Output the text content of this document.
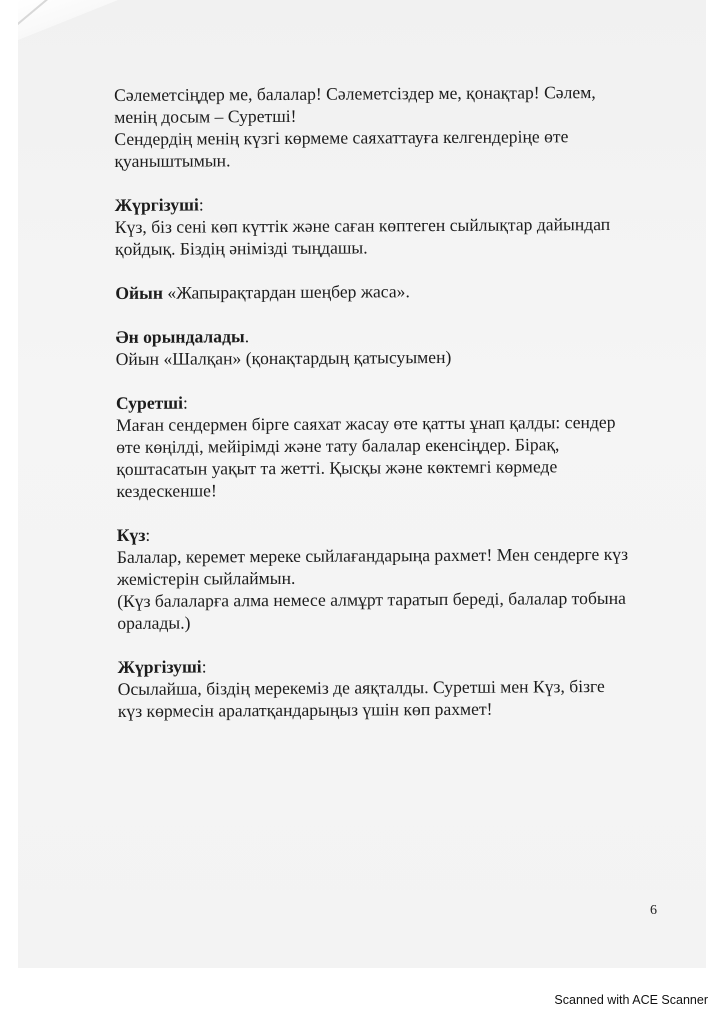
Сәлеметсіңдер ме, балалар! Сәлеметсіздер ме, қонақтар! Сәлем,
менің досым – Суретші!
Сендердің менің күзгі көрмеме саяхаттауға келгендеріңе өте
қуаныштымын.
Жүргізуші:
Күз, біз сені көп күттік және саған көптеген сыйлықтар дайындап
қойдық. Біздің әнімізді тыңдашы.
Ойын «Жапырақтардан шеңбер жаса».
Ән орындалады.
Ойын «Шалқан» (қонақтардың қатысуымен)
Суретші:
Маған сендермен бірге саяхат жасау өте қатты ұнап қалды: сендер
өте көңілді, мейірімді және тату балалар екенсіңдер. Бірақ,
қоштасатын уақыт та жетті. Қысқы және көктемгі көрмеде
кездескенше!
Күз:
Балалар, керемет мереке сыйлағандарыңа рахмет! Мен сендерге күз
жемістерін сыйлаймын.
(Күз балаларға алма немесе алмұрт таратып береді, балалар тобына
оралады.)
Жүргізуші:
Осылайша, біздің мерекеміз де аяқталды. Суретші мен Күз, бізге
күз көрмесін аралатқандарыңыз үшін көп рахмет!
6
Scanned with ACE Scanner
